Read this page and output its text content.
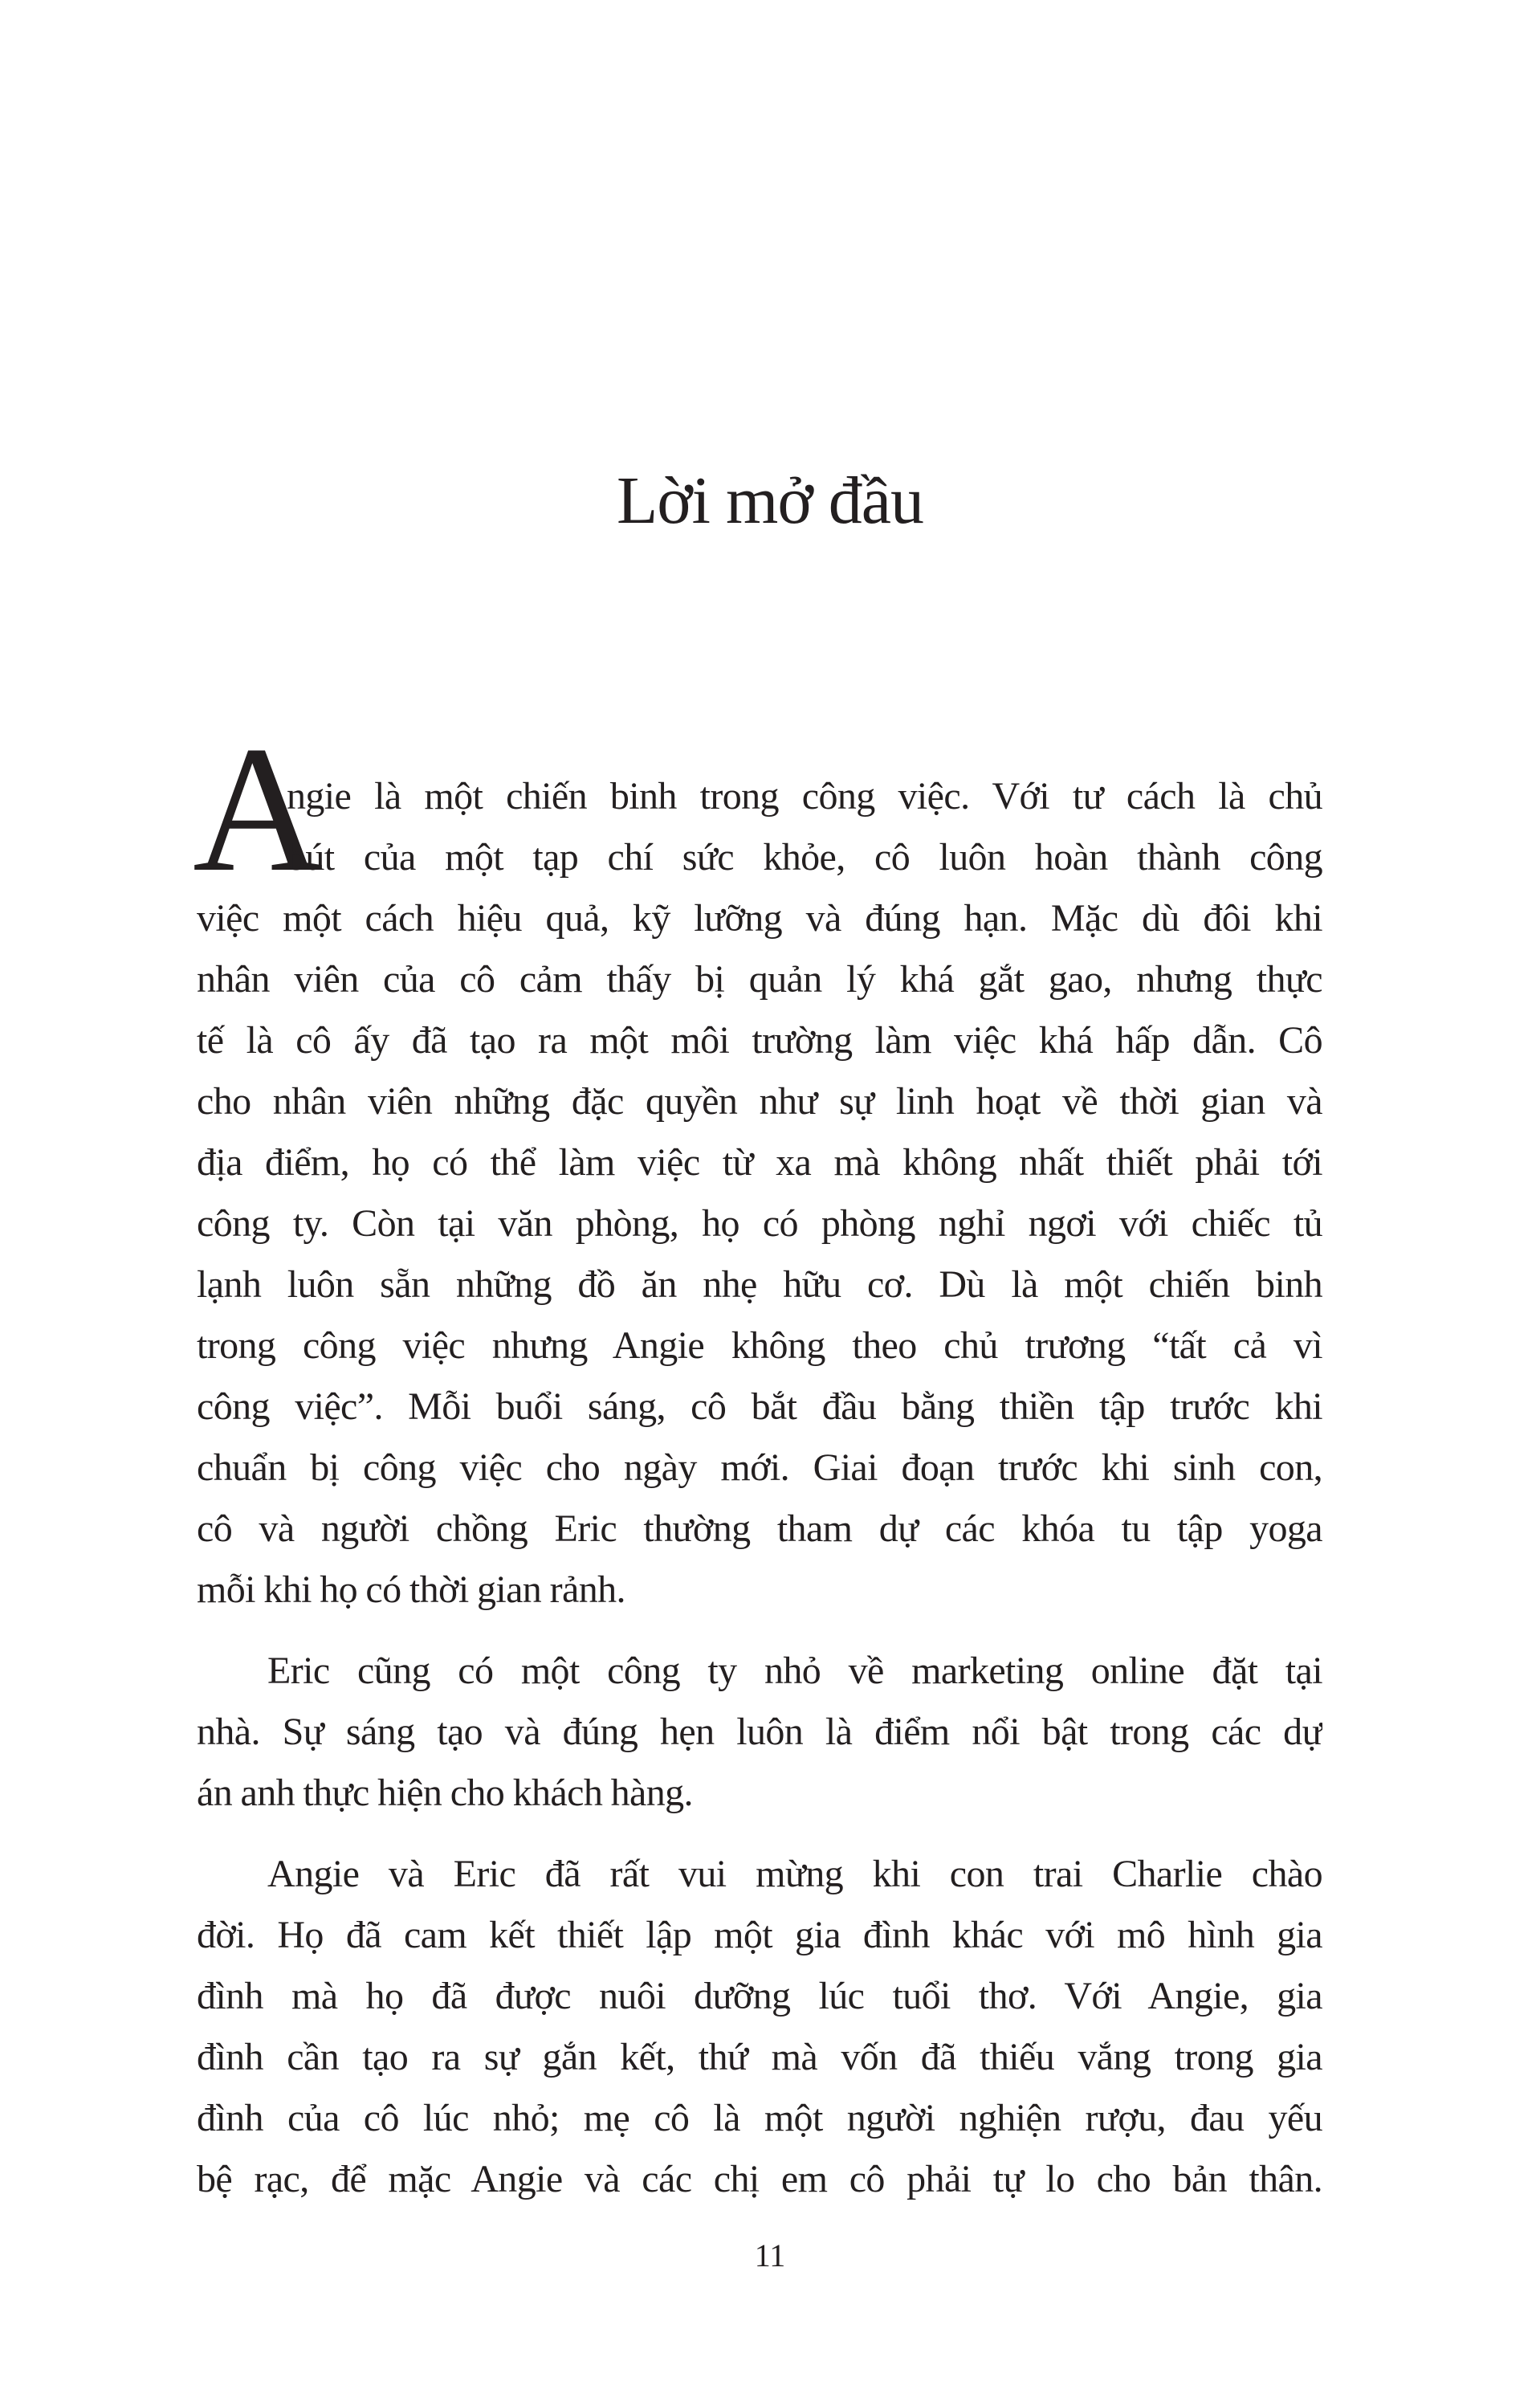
Lời mở đầu
A

ngie là một chiến binh trong công việc. Với tư cách là chủ
bút của một tạp chí sức khỏe, cô luôn hoàn thành công
việc một cách hiệu quả, kỹ lưỡng và đúng hạn. Mặc dù đôi khi
nhân viên của cô cảm thấy bị quản lý khá gắt gao, nhưng thực
tế là cô ấy đã tạo ra một môi trường làm việc khá hấp dẫn. Cô
cho nhân viên những đặc quyền như sự linh hoạt về thời gian và
địa điểm, họ có thể làm việc từ xa mà không nhất thiết phải tới
công ty. Còn tại văn phòng, họ có phòng nghỉ ngơi với chiếc tủ
lạnh luôn sẵn những đồ ăn nhẹ hữu cơ. Dù là một chiến binh
trong công việc nhưng Angie không theo chủ trương “tất cả vì
công việc”. Mỗi buổi sáng, cô bắt đầu bằng thiền tập trước khi
chuẩn bị công việc cho ngày mới. Giai đoạn trước khi sinh con,
cô và người chồng Eric thường tham dự các khóa tu tập yoga
mỗi khi họ có thời gian rảnh.

Eric cũng có một công ty nhỏ về marketing online đặt tại
nhà. Sự sáng tạo và đúng hẹn luôn là điểm nổi bật trong các dự
án anh thực hiện cho khách hàng.

Angie và Eric đã rất vui mừng khi con trai Charlie chào
đời. Họ đã cam kết thiết lập một gia đình khác với mô hình gia
đình mà họ đã được nuôi dưỡng lúc tuổi thơ. Với Angie, gia
đình cần tạo ra sự gắn kết, thứ mà vốn đã thiếu vắng trong gia
đình của cô lúc nhỏ; mẹ cô là một người nghiện rượu, đau yếu
bệ rạc, để mặc Angie và các chị em cô phải tự lo cho bản thân.

11
